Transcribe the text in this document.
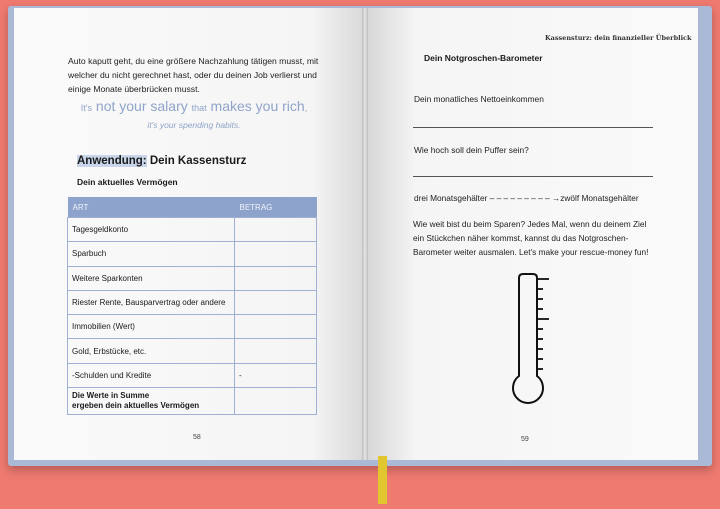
Auto kaputt geht, du eine größere Nachzahlung tätigen musst, mit welcher du nicht gerechnet hast, oder du deinen Job verlierst und einige Monate überbrücken musst.
It's not your salary that makes you rich,
it's your spending habits.
Anwendung: Dein Kassensturz
Dein aktuelles Vermögen
ART	BETRAG
Tagesgeldkonto	
Sparbuch	
Weitere Sparkonten	
Riester Rente, Bausparvertrag oder andere	
Immobilien (Wert)	
Gold, Erbstücke, etc.	
-Schulden und Kredite	-
Die Werte in Summe
ergeben dein aktuelles Vermögen	
58
Kassensturz: dein finanzieller Überblick
Dein Notgroschen-Barometer
Dein monatliches Nettoeinkommen
Wie hoch soll dein Puffer sein?
drei Monatsgehälter – – – – – – – – – →zwölf Monatsgehälter
Wie weit bist du beim Sparen? Jedes Mal, wenn du deinem Ziel ein Stückchen näher kommst, kannst du das Notgroschen-Barometer weiter ausmalen. Let's make your rescue-money fun!
59
